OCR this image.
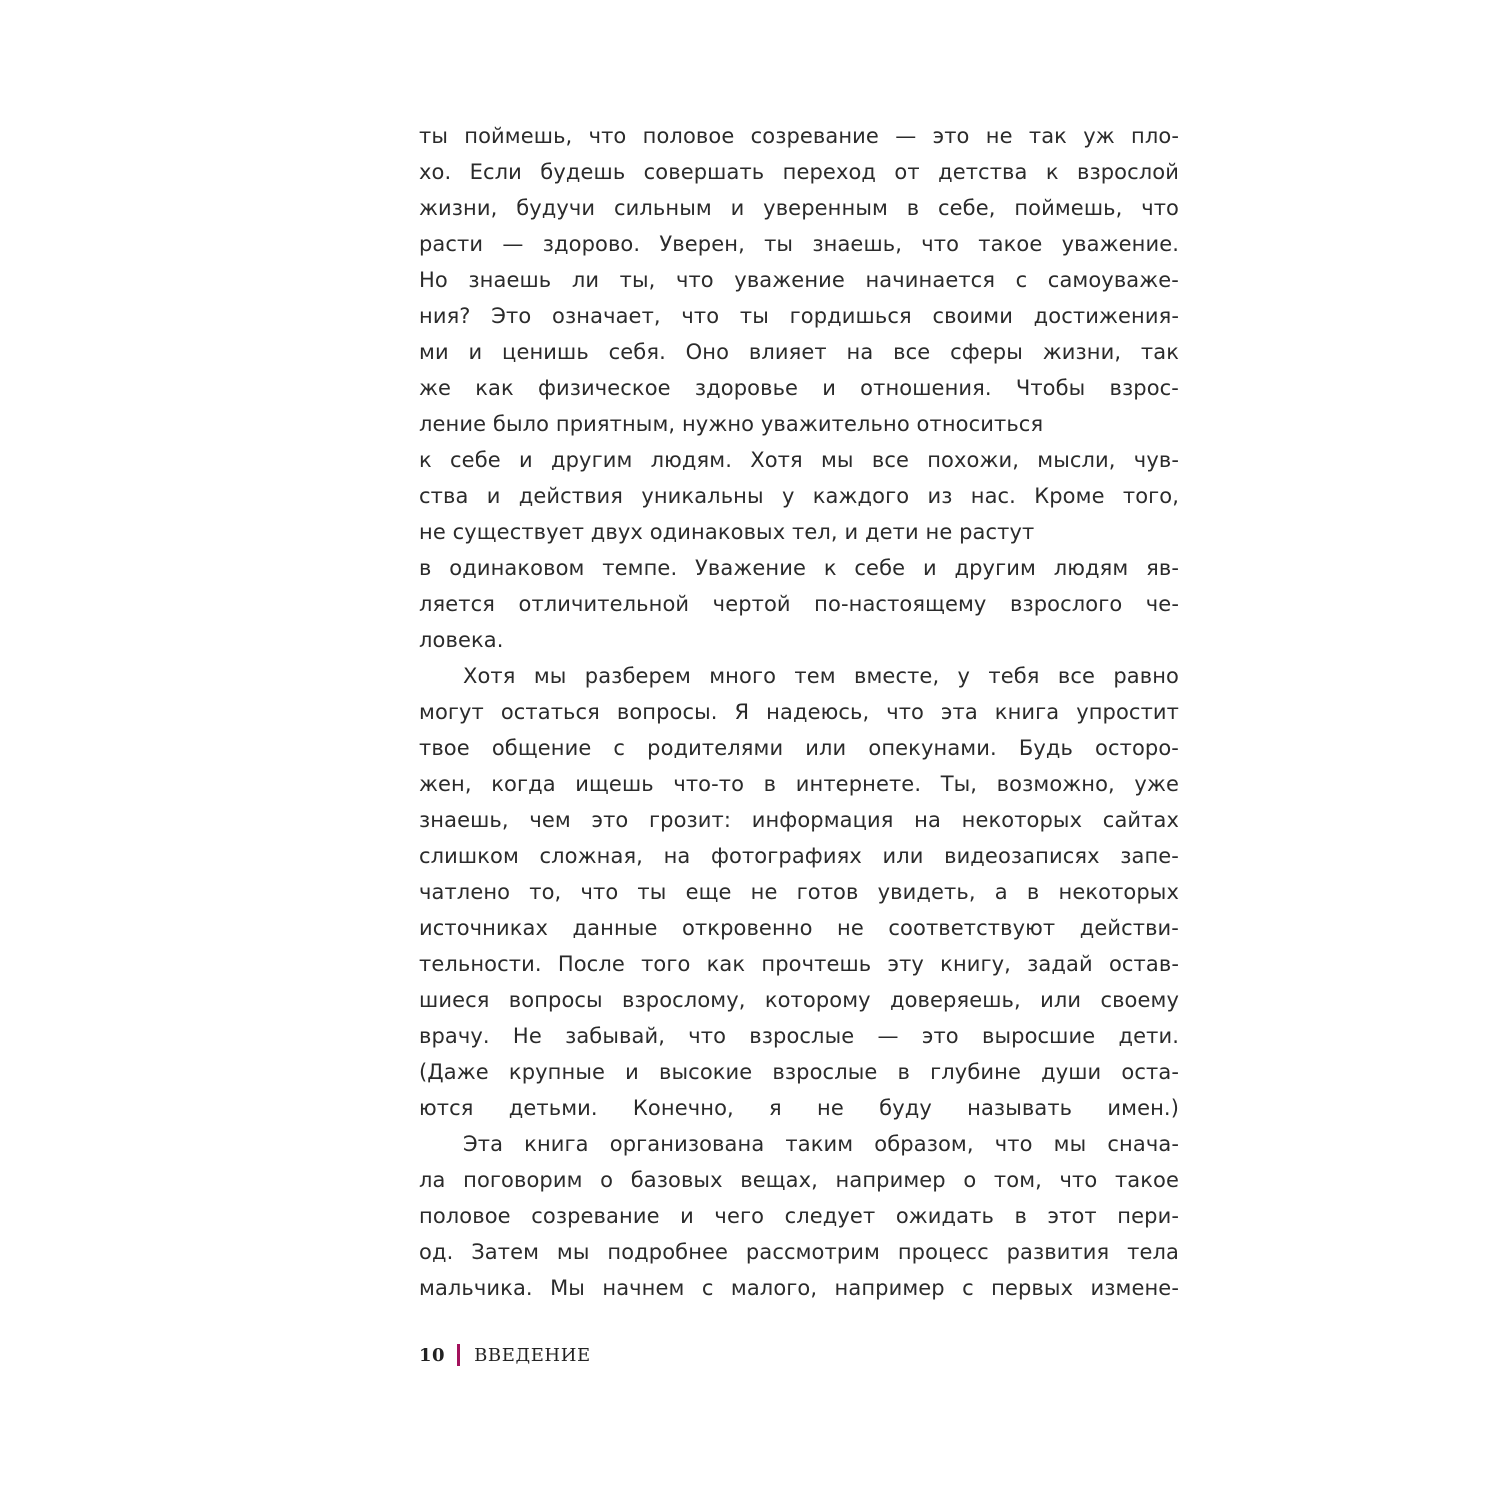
ты поймешь, что половое созревание — это не так уж пло-
хо. Если будешь совершать переход от детства к взрослой
жизни, будучи сильным и уверенным в себе, поймешь, что
расти — здорово. Уверен, ты знаешь, что такое уважение.
Но знаешь ли ты, что уважение начинается с самоуваже-
ния? Это означает, что ты гордишься своими достижения-
ми и ценишь себя. Оно влияет на все сферы жизни, так
же как физическое здоровье и отношения. Чтобы взрос-
ление было приятным, нужно уважительно относиться
к себе и другим людям. Хотя мы все похожи, мысли, чув-
ства и действия уникальны у каждого из нас. Кроме того,
не существует двух одинаковых тел, и дети не растут
в одинаковом темпе. Уважение к себе и другим людям яв-
ляется отличительной чертой по-настоящему взрослого че-
ловека.
Хотя мы разберем много тем вместе, у тебя все равно
могут остаться вопросы. Я надеюсь, что эта книга упростит
твое общение с родителями или опекунами. Будь осторо-
жен, когда ищешь что-то в интернете. Ты, возможно, уже
знаешь, чем это грозит: информация на некоторых сайтах
слишком сложная, на фотографиях или видеозаписях запе-
чатлено то, что ты еще не готов увидеть, а в некоторых
источниках данные откровенно не соответствуют действи-
тельности. После того как прочтешь эту книгу, задай остав-
шиеся вопросы взрослому, которому доверяешь, или своему
врачу. Не забывай, что взрослые — это выросшие дети.
(Даже крупные и высокие взрослые в глубине души оста-
ются детьми. Конечно, я не буду называть имен.)
Эта книга организована таким образом, что мы снача-
ла поговорим о базовых вещах, например о том, что такое
половое созревание и чего следует ожидать в этот пери-
од. Затем мы подробнее рассмотрим процесс развития тела
мальчика. Мы начнем с малого, например с первых измене-
10 ВВЕДЕНИЕ
